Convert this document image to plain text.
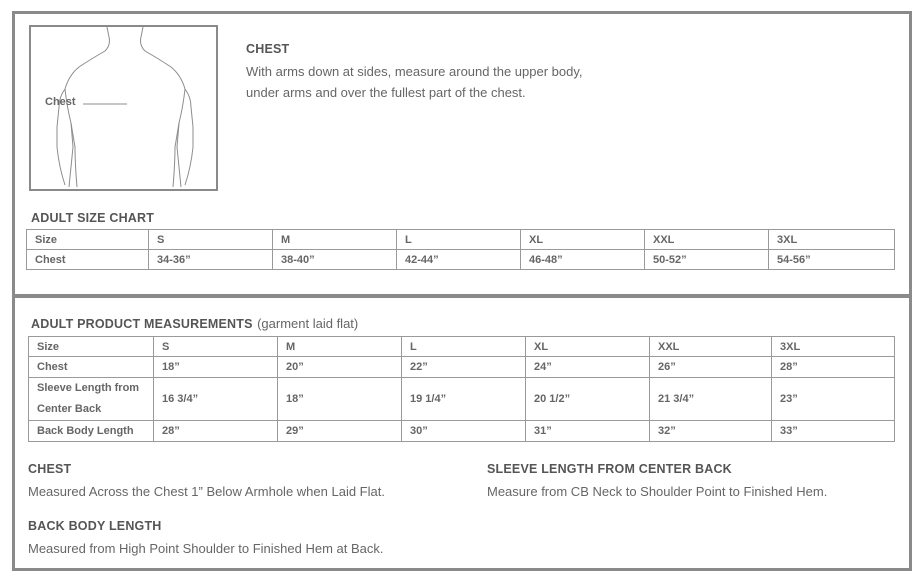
Chest
CHEST
With arms down at sides, measure around the upper body,
under arms and over the fullest part of the chest.
ADULT SIZE CHART
Size	S	M	L	XL	XXL	3XL
Chest	34-36”	38-40”	42-44”	46-48”	50-52”	54-56”
ADULT PRODUCT MEASUREMENTS (garment laid flat)
Size	S	M	L	XL	XXL	3XL
Chest	18”	20”	22”	24”	26”	28”
Sleeve Length from Center Back	16 3/4”	18”	19 1/4”	20 1/2”	21 3/4”	23”
Back Body Length	28”	29”	30”	31”	32”	33”
CHEST
Measured Across the Chest 1” Below Armhole when Laid Flat.
SLEEVE LENGTH FROM CENTER BACK
Measure from CB Neck to Shoulder Point to Finished Hem.
BACK BODY LENGTH
Measured from High Point Shoulder to Finished Hem at Back.
